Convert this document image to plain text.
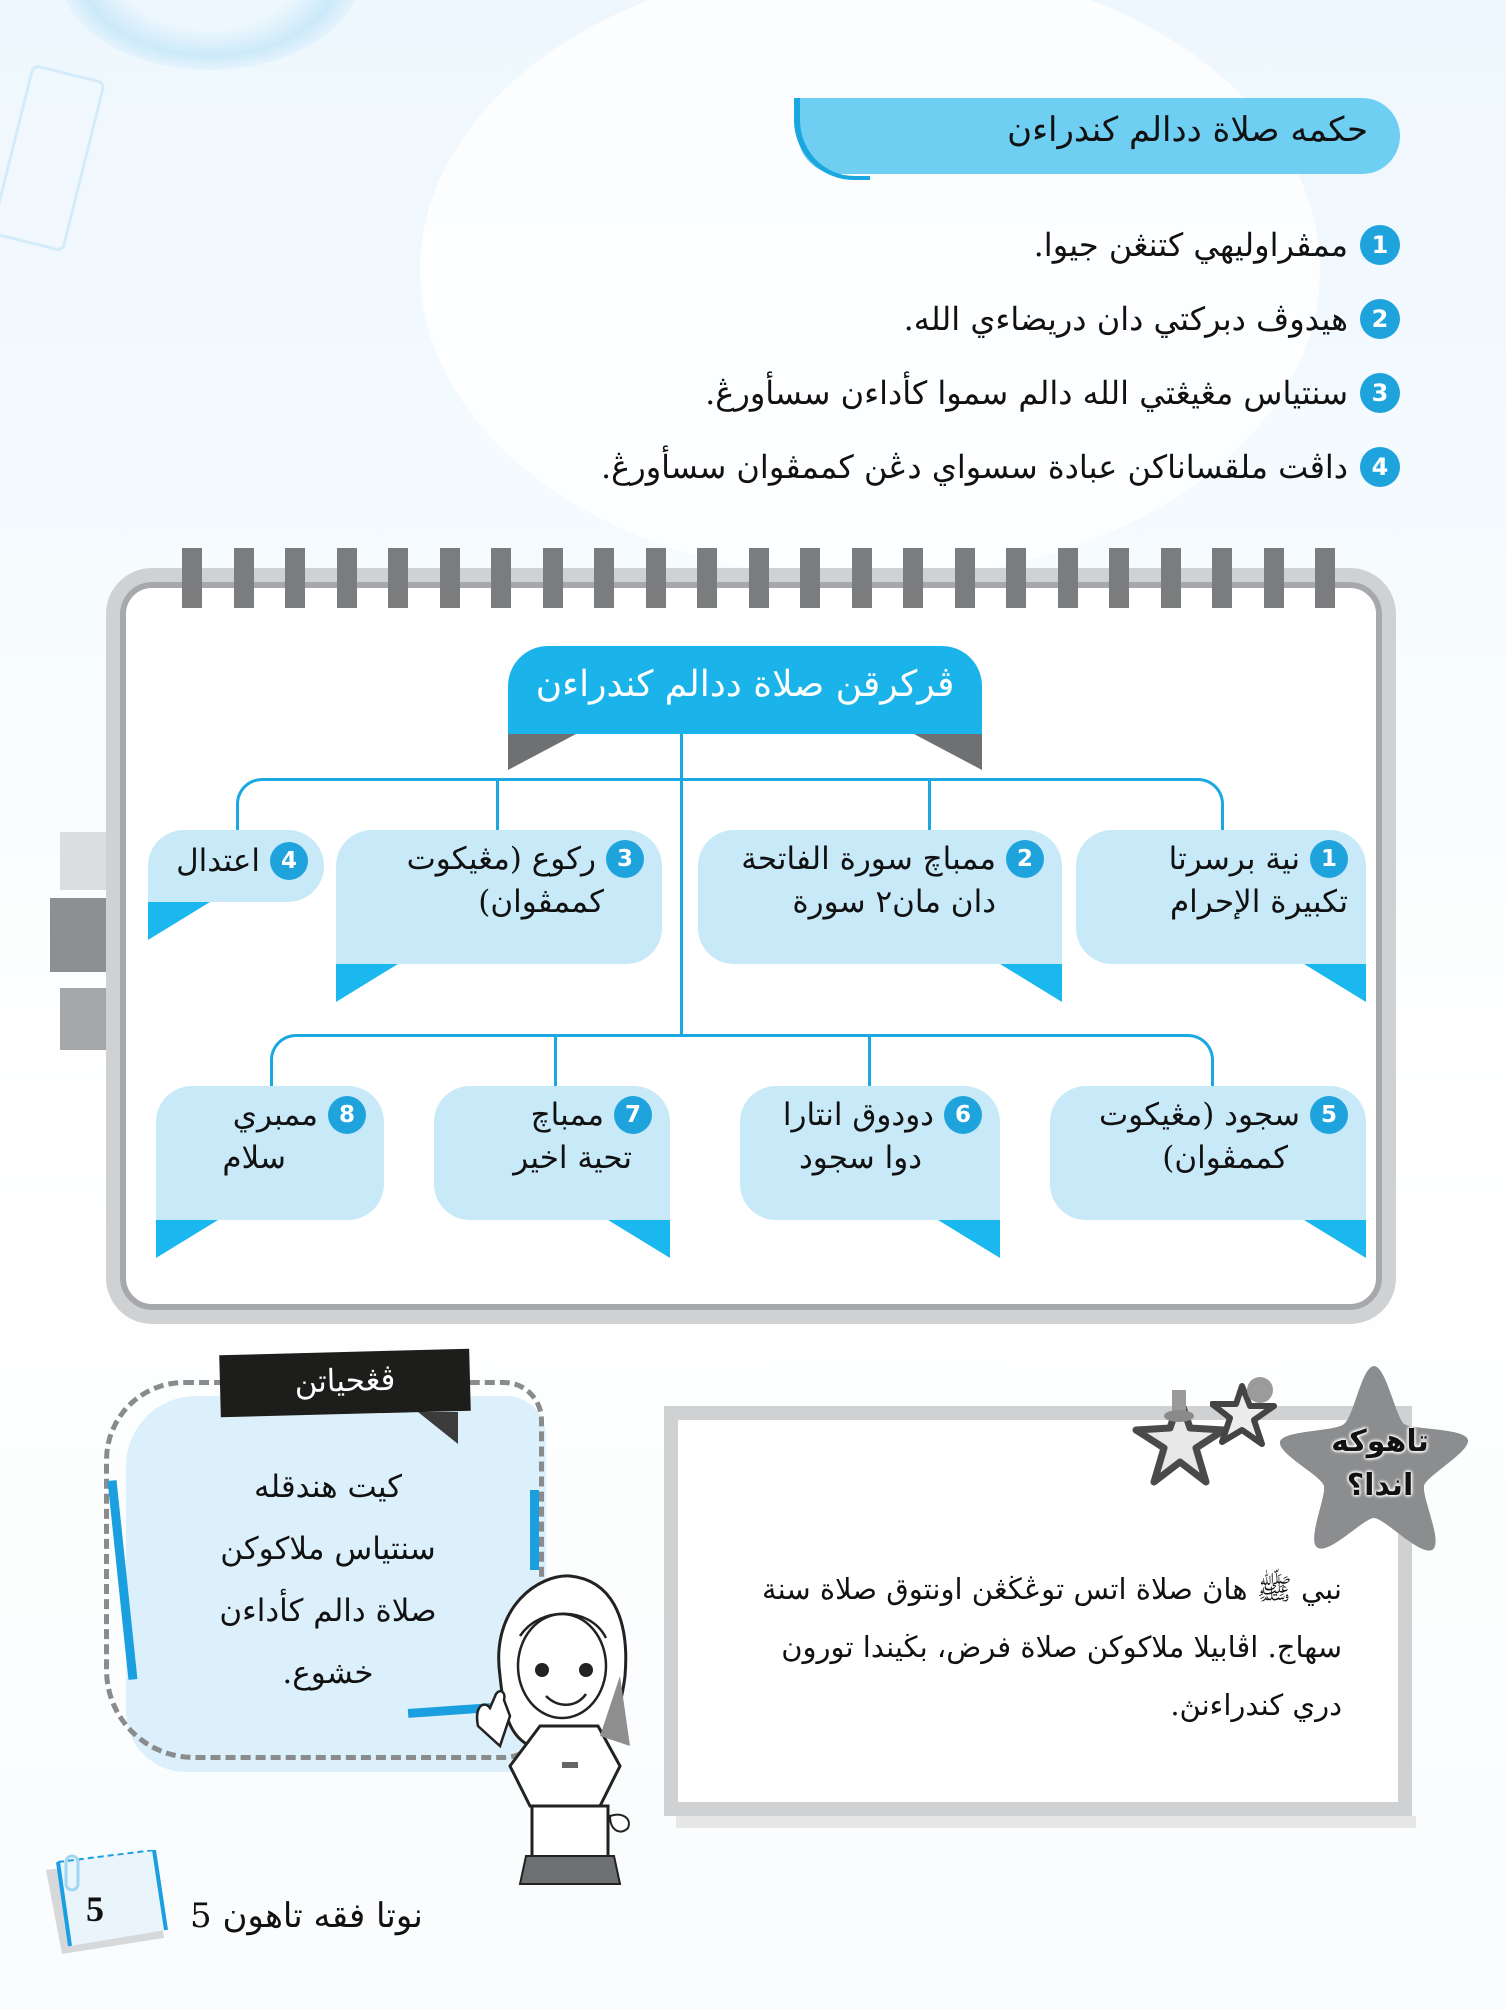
حكمه صلاة ددالم كندراءن
1
ممڤراوليهي كتنڠن جيوا.
2
هيدوڤ دبركتي دان دريضاءي الله.
3
سنتياس مڠيڠتي الله دالم سموا كأداءن سسأورڠ.
4
داڤت ملقساناكن عبادة سسواي دڠن كممڤوان سسأورڠ.
ڤركرقن صلاة ددالم كندراءن
1
نية برسرتا
تكبيرة الإحرام
2
ممباچ سورة الفاتحة
دان مان٢ سورة
3
ركوع (مڠيكوت
كممڤوان)
4
اعتدال
5
سجود (مڠيكوت
كممڤوان)
6
دودوق انتارا
دوا سجود
7
ممباچ
تحية اخير
8
ممبري
سلام
ڤڠحياتن
كيت هندقله
سنتياس ملاكوكن
صلاة دالم كأداءن
خشوع.
نبي ﷺ هاڽ صلاة اتس توڠڬڠن اونتوق صلاة سنة
سهاج. اڤابيلا ملاكوكن صلاة فرض، بڬيندا تورون
دري كندراءنڽ.
تاهوكه
اندا؟
5	نوتا فقه تاهون 5
